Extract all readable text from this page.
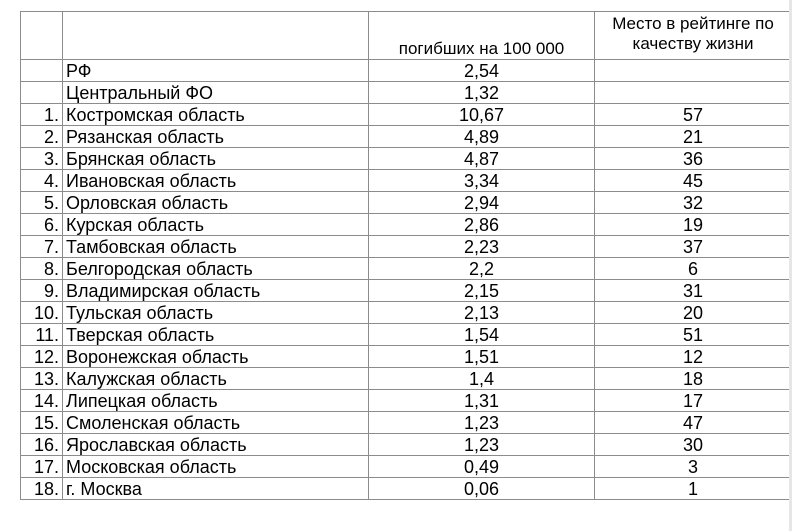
		погибших на 100 000	Место в рейтинге по качеству жизни
	РФ	2,54	
	Центральный ФО	1,32	
1.	Костромская область	10,67	57
2.	Рязанская область	4,89	21
3.	Брянская область	4,87	36
4.	Ивановская область	3,34	45
5.	Орловская область	2,94	32
6.	Курская область	2,86	19
7.	Тамбовская область	2,23	37
8.	Белгородская область	2,2	6
9.	Владимирская область	2,15	31
10.	Тульская область	2,13	20
11.	Тверская область	1,54	51
12.	Воронежская область	1,51	12
13.	Калужская область	1,4	18
14.	Липецкая область	1,31	17
15.	Смоленская область	1,23	47
16.	Ярославская область	1,23	30
17.	Московская область	0,49	3
18.	г. Москва	0,06	1
